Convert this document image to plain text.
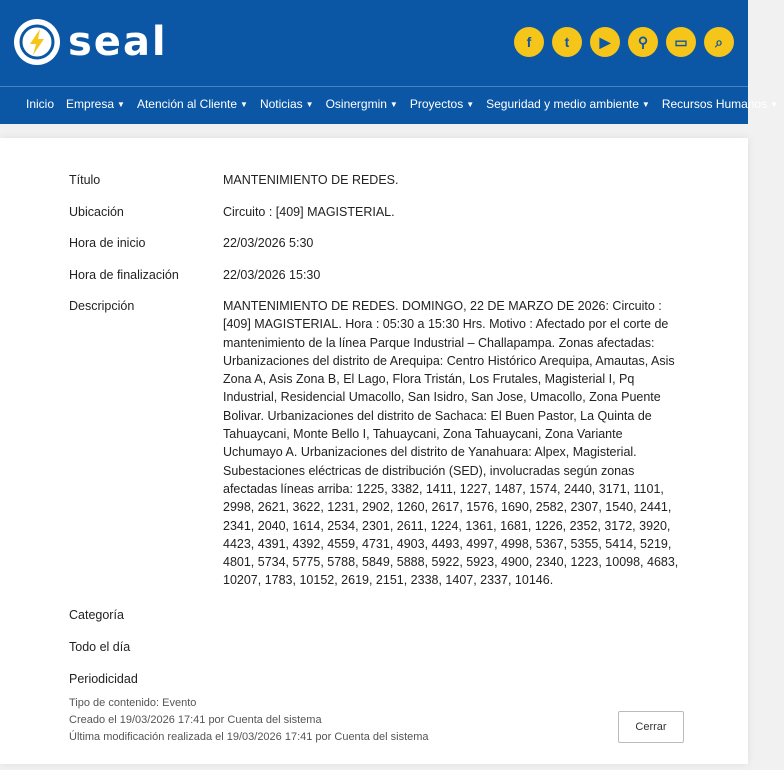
seal	f	t	▶	⚲	▭	⌕
Inicio Empresa ▼ Atención al Cliente ▼ Noticias ▼ Osinergmin ▼ Proyectos ▼ Seguridad y medio ambiente ▼ Recursos Humanos ▼
Título	MANTENIMIENTO DE REDES.
Ubicación	Circuito : [409] MAGISTERIAL.
Hora de inicio	22/03/2026 5:30
Hora de finalización	22/03/2026 15:30
Descripción	MANTENIMIENTO DE REDES. DOMINGO, 22 DE MARZO DE 2026: Circuito : [409] MAGISTERIAL. Hora : 05:30 a 15:30 Hrs. Motivo : Afectado por el corte de mantenimiento de la línea Parque Industrial – Challapampa. Zonas afectadas: Urbanizaciones del distrito de Arequipa: Centro Histórico Arequipa, Amautas, Asis Zona A, Asis Zona B, El Lago, Flora Tristán, Los Frutales, Magisterial I, Pq Industrial, Residencial Umacollo, San Isidro, San Jose, Umacollo, Zona Puente Bolivar. Urbanizaciones del distrito de Sachaca: El Buen Pastor, La Quinta de Tahuaycani, Monte Bello I, Tahuaycani, Zona Tahuaycani, Zona Variante Uchumayo A. Urbanizaciones del distrito de Yanahuara: Alpex, Magisterial. Subestaciones eléctricas de distribución (SED), involucradas según zonas afectadas líneas arriba: 1225, 3382, 1411, 1227, 1487, 1574, 2440, 3171, 1101, 2998, 2621, 3622, 1231, 2902, 1260, 2617, 1576, 1690, 2582, 2307, 1540, 2441, 2341, 2040, 1614, 2534, 2301, 2611, 1224, 1361, 1681, 1226, 2352, 3172, 3920, 4423, 4391, 4392, 4559, 4731, 4903, 4493, 4997, 4998, 5367, 5355, 5414, 5219, 4801, 5734, 5775, 5788, 5849, 5888, 5922, 5923, 4900, 2340, 1223, 10098, 4683, 10207, 1783, 10152, 2619, 2151, 2338, 1407, 2337, 10146.
Categoría
Todo el día
Periodicidad
Tipo de contenido: Evento
Creado el 19/03/2026 17:41 por Cuenta del sistema
Última modificación realizada el 19/03/2026 17:41 por Cuenta del sistema
Cerrar
